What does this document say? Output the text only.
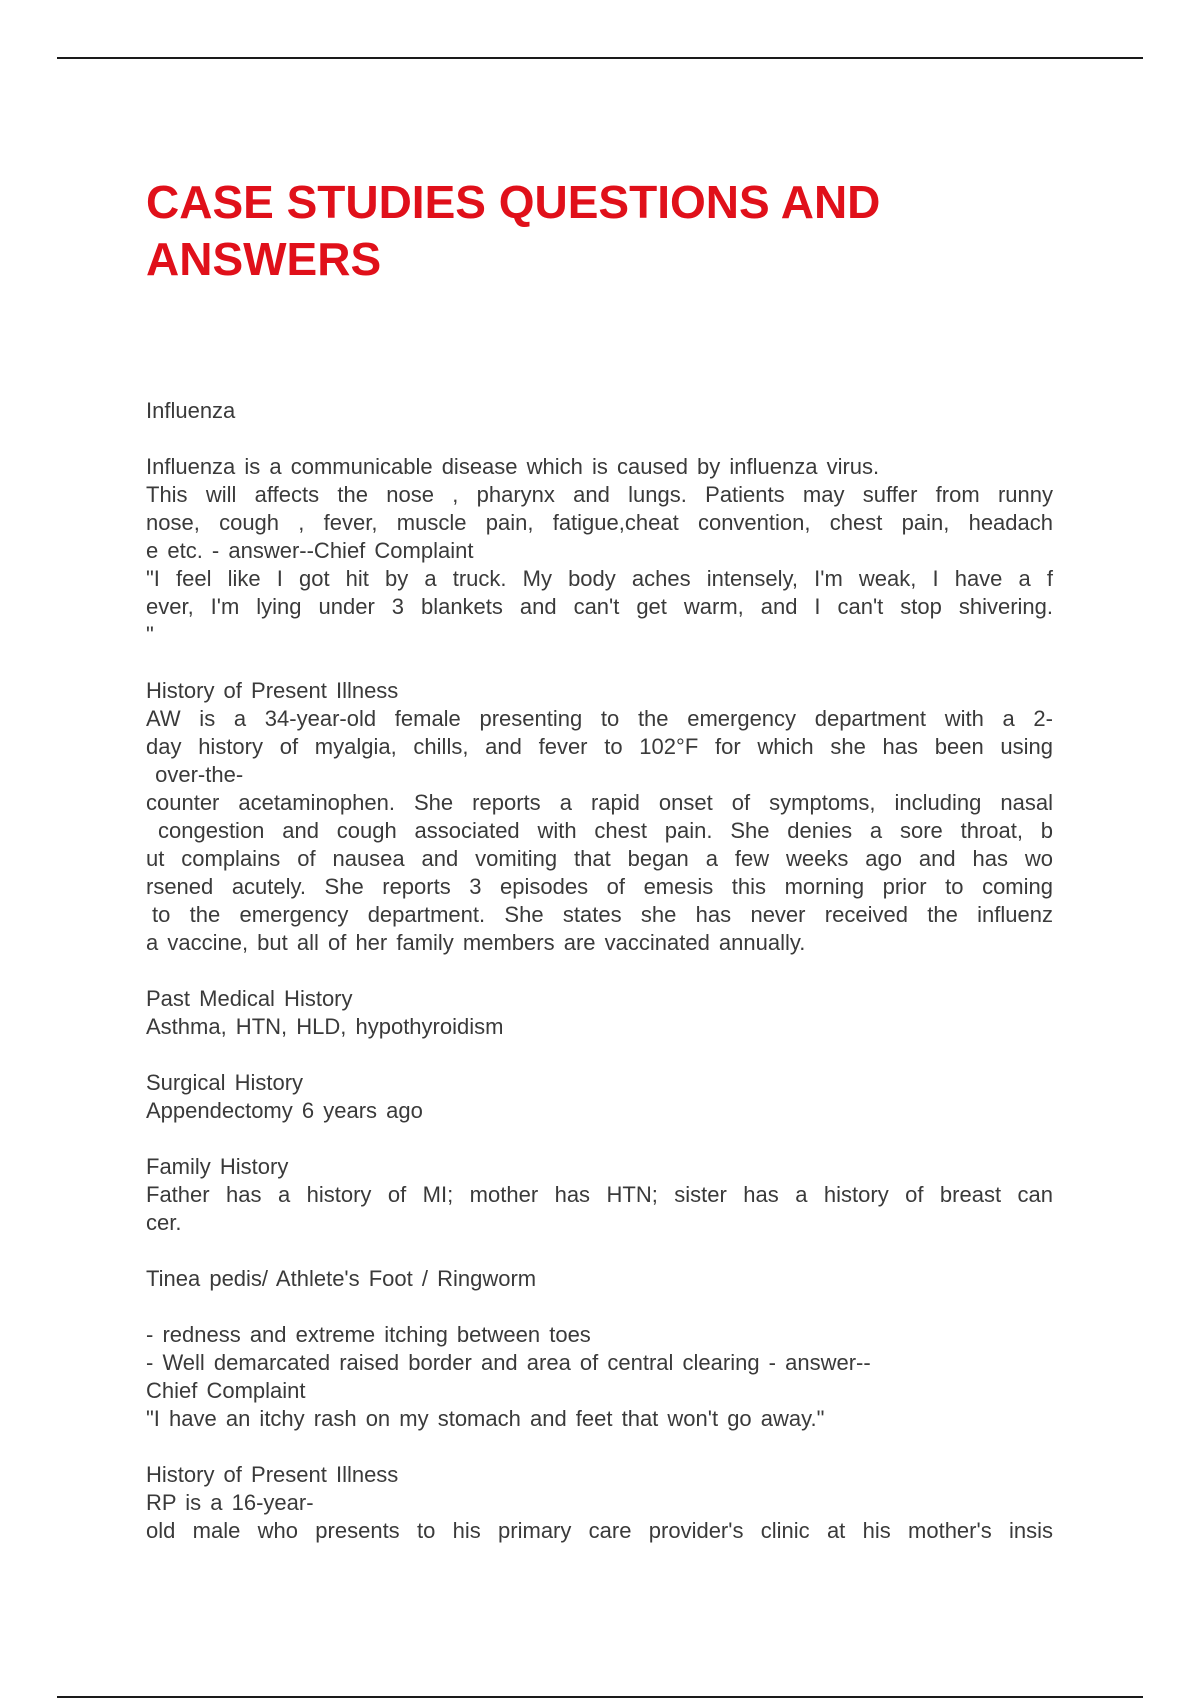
CASE STUDIES QUESTIONS AND ANSWERS
Influenza
Influenza is a communicable disease which is caused by influenza virus.
This will affects the nose , pharynx and lungs. Patients may suffer from runny
nose, cough , fever, muscle pain, fatigue,cheat convention, chest pain, headach
e etc. - answer--Chief Complaint
"I feel like I got hit by a truck. My body aches intensely, I'm weak, I have a f
ever, I'm lying under 3 blankets and can't get warm, and I can't stop shivering.
"
History of Present Illness
AW is a 34-year-old female presenting to the emergency department with a 2-
day history of myalgia, chills, and fever to 102°F for which she has been using
over-the-
counter acetaminophen. She reports a rapid onset of symptoms, including nasal
congestion and cough associated with chest pain. She denies a sore throat, b
ut complains of nausea and vomiting that began a few weeks ago and has wo
rsened acutely. She reports 3 episodes of emesis this morning prior to coming
to the emergency department. She states she has never received the influenz
a vaccine, but all of her family members are vaccinated annually.
Past Medical History
Asthma, HTN, HLD, hypothyroidism
Surgical History
Appendectomy 6 years ago
Family History
Father has a history of MI; mother has HTN; sister has a history of breast can
cer.
Tinea pedis/ Athlete's Foot / Ringworm
- redness and extreme itching between toes
- Well demarcated raised border and area of central clearing - answer--
Chief Complaint
"I have an itchy rash on my stomach and feet that won't go away."
History of Present Illness
RP is a 16-year-
old male who presents to his primary care provider's clinic at his mother's insis
